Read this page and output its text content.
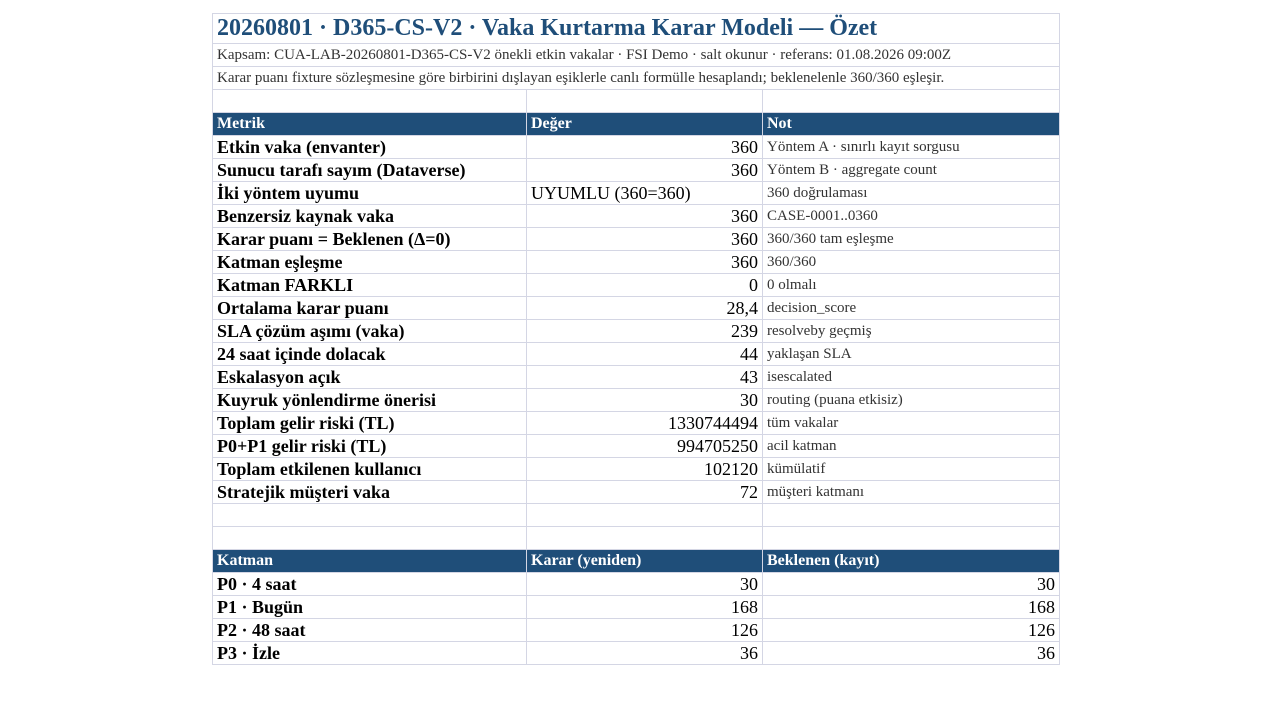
20260801 · D365-CS-V2 · Vaka Kurtarma Karar Modeli — Özet		
Kapsam: CUA-LAB-20260801-D365-CS-V2 önekli etkin vakalar · FSI Demo · salt okunur · referans: 01.08.2026 09:00Z		
Karar puanı fixture sözleşmesine göre birbirini dışlayan eşiklerle canlı formülle hesaplandı; beklenelenle 360/360 eşleşir.		

Metrik	Değer	Not
Etkin vaka (envanter)	360	Yöntem A · sınırlı kayıt sorgusu
Sunucu tarafı sayım (Dataverse)	360	Yöntem B · aggregate count
İki yöntem uyumu	UYUMLU (360=360)	360 doğrulaması
Benzersiz kaynak vaka	360	CASE-0001..0360
Karar puanı = Beklenen (Δ=0)	360	360/360 tam eşleşme
Katman eşleşme	360	360/360
Katman FARKLI	0	0 olmalı
Ortalama karar puanı	28,4	decision_score
SLA çözüm aşımı (vaka)	239	resolveby geçmiş
24 saat içinde dolacak	44	yaklaşan SLA
Eskalasyon açık	43	isescalated
Kuyruk yönlendirme önerisi	30	routing (puana etkisiz)
Toplam gelir riski (TL)	1330744494	tüm vakalar
P0+P1 gelir riski (TL)	994705250	acil katman
Toplam etkilenen kullanıcı	102120	kümülatif
Stratejik müşteri vaka	72	müşteri katmanı

Katman	Karar (yeniden)	Beklenen (kayıt)
P0 · 4 saat	30	30
P1 · Bugün	168	168
P2 · 48 saat	126	126
P3 · İzle	36	36
